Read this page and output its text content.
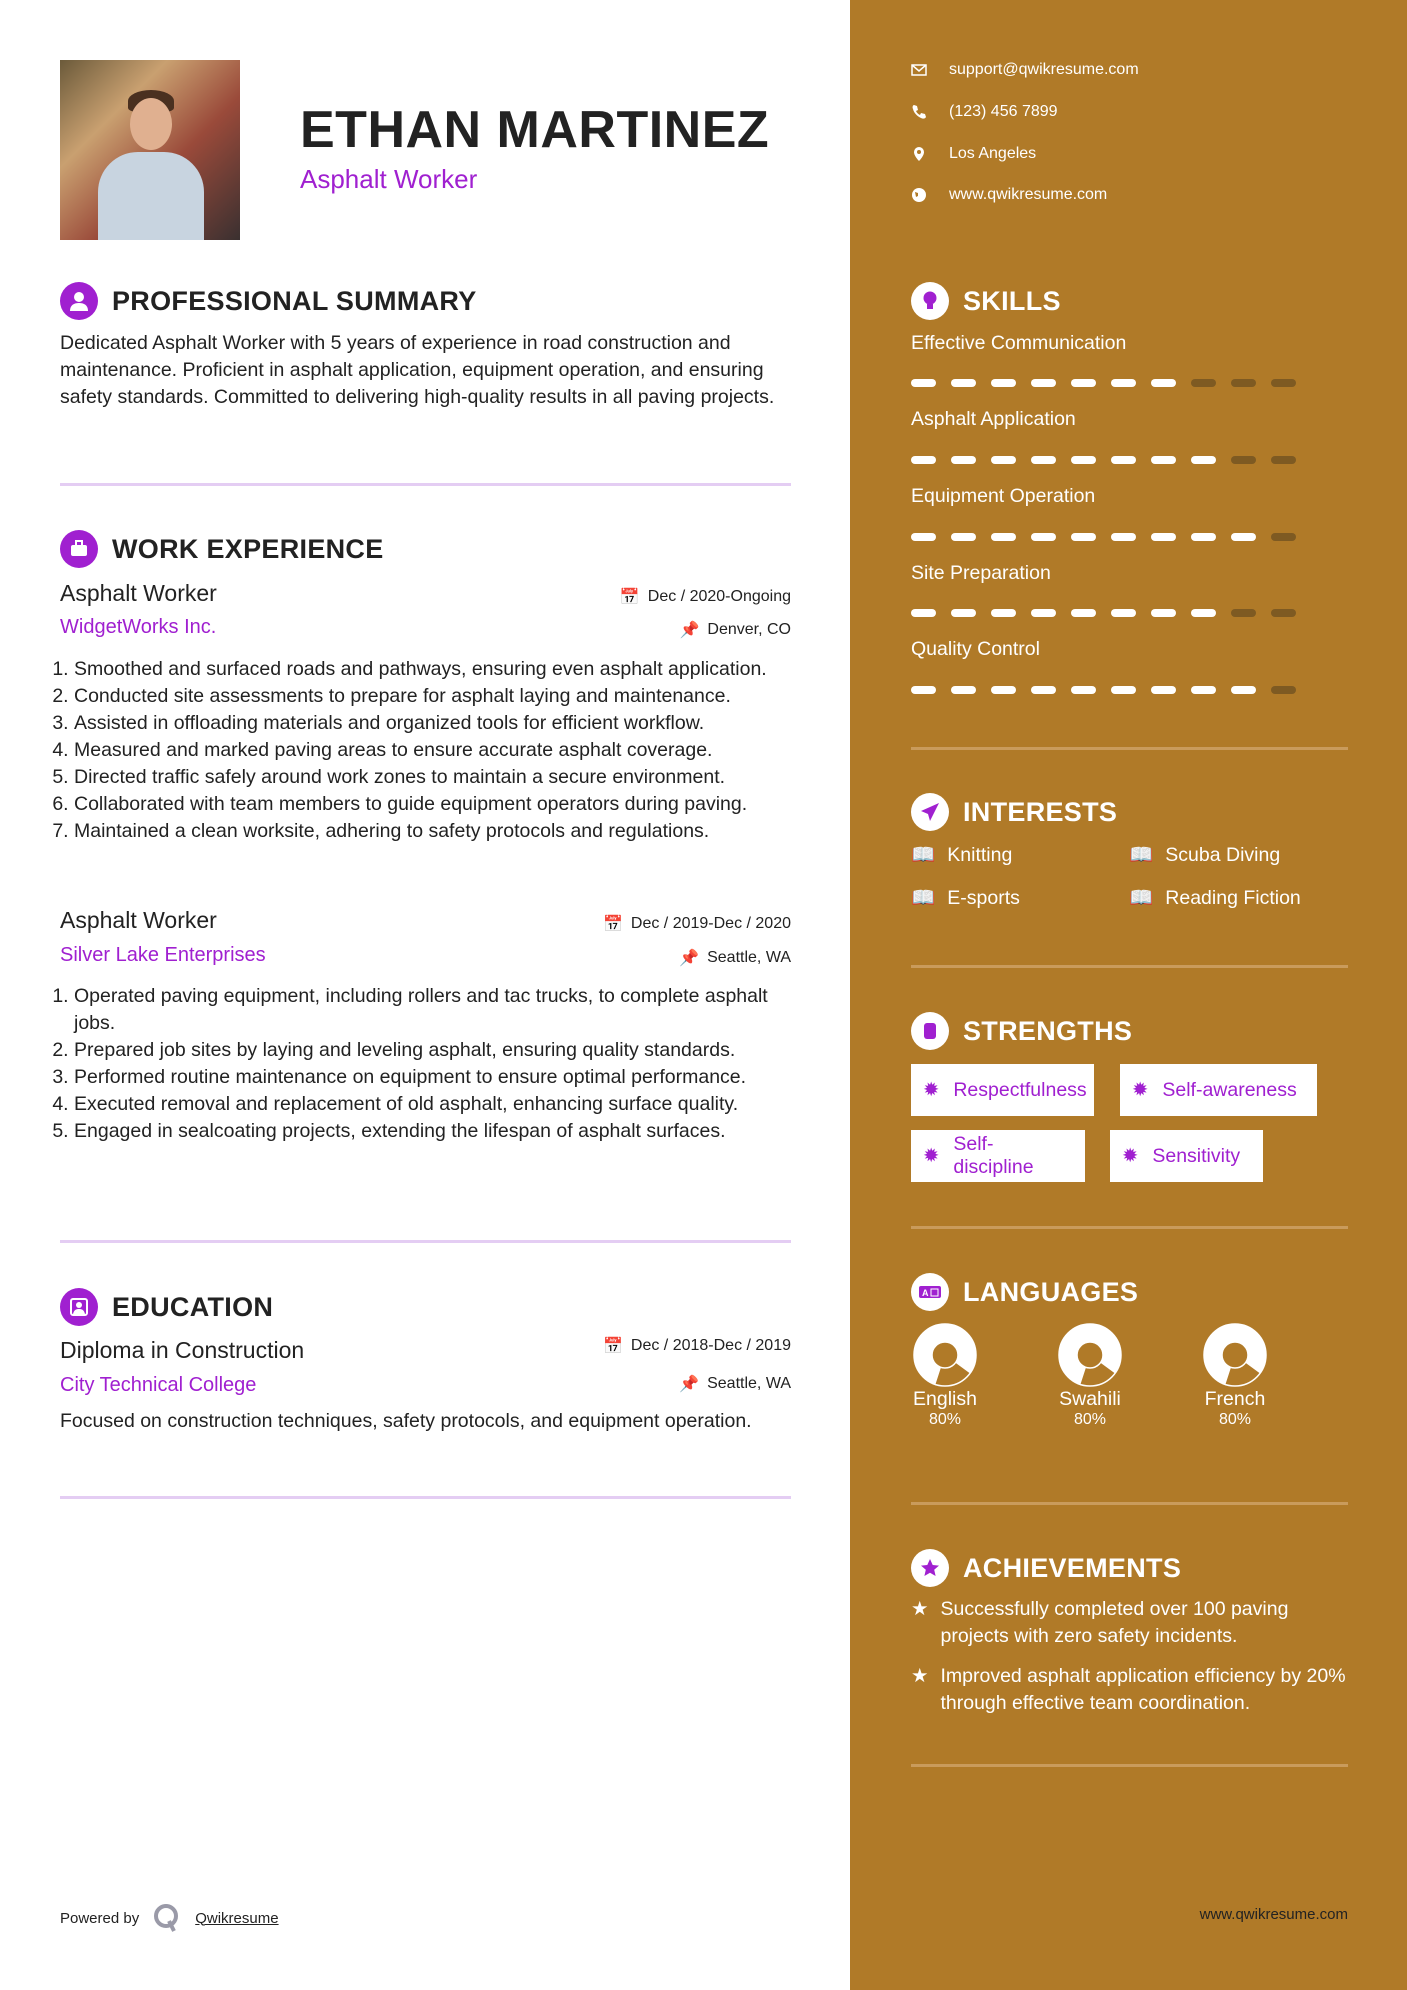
ETHAN MARTINEZ
Asphalt Worker
PROFESSIONAL SUMMARY
Dedicated Asphalt Worker with 5 years of experience in road construction and maintenance. Proficient in asphalt application, equipment operation, and ensuring safety standards. Committed to delivering high-quality results in all paving projects.
WORK EXPERIENCE
Asphalt Worker
WidgetWorks Inc.
📅 Dec / 2020-Ongoing
📌 Denver, CO
1. Smoothed and surfaced roads and pathways, ensuring even asphalt application.
2. Conducted site assessments to prepare for asphalt laying and maintenance.
3. Assisted in offloading materials and organized tools for efficient workflow.
4. Measured and marked paving areas to ensure accurate asphalt coverage.
5. Directed traffic safely around work zones to maintain a secure environment.
6. Collaborated with team members to guide equipment operators during paving.
7. Maintained a clean worksite, adhering to safety protocols and regulations.
Asphalt Worker
Silver Lake Enterprises
📅 Dec / 2019-Dec / 2020
📌 Seattle, WA
1. Operated paving equipment, including rollers and tac trucks, to complete asphalt jobs.
2. Prepared job sites by laying and leveling asphalt, ensuring quality standards.
3. Performed routine maintenance on equipment to ensure optimal performance.
4. Executed removal and replacement of old asphalt, enhancing surface quality.
5. Engaged in sealcoating projects, extending the lifespan of asphalt surfaces.
EDUCATION
Diploma in Construction
City Technical College
📅 Dec / 2018-Dec / 2019
📌 Seattle, WA
Focused on construction techniques, safety protocols, and equipment operation.
Powered by	Qwikresume
support@qwikresume.com
(123) 456 7899
Los Angeles
www.qwikresume.com
SKILLS
Effective Communication
Asphalt Application
Equipment Operation
Site Preparation
Quality Control
INTERESTS
📖 Knitting	📖 Scuba Diving
📖 E-sports	📖 Reading Fiction
STRENGTHS
✹ Respectfulness ✹ Self-awareness
✹
Self-discipline	✹ Sensitivity
A LANGUAGES
English
80%
Swahili
80%
French
80%
ACHIEVEMENTS
★ Successfully completed over 100 paving projects with zero safety incidents.
★ Improved asphalt application efficiency by 20% through effective team coordination.
www.qwikresume.com
